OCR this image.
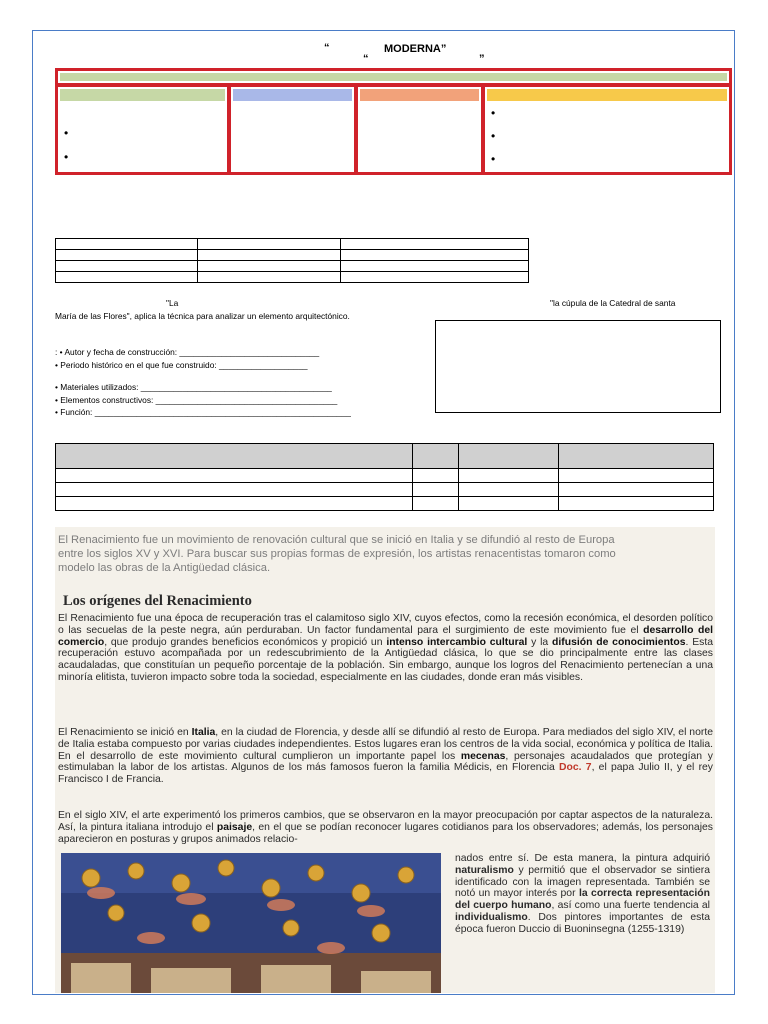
“	MODERNA”
“	”
•
•
•
•
•

"La	"la cúpula de la Catedral de santa
María de las Flores", aplica la técnica para analizar un elemento arquitectónico.
: • Autor y fecha de construcción: ______________________________
• Periodo histórico en el que fue construido: ___________________
• Materiales utilizados: _________________________________________
• Elementos constructivos: _______________________________________
• Función: _______________________________________________________

El Renacimiento fue un movimiento de renovación cultural que se inició en Italia y se difundió al resto de Europa entre los siglos XV y XVI. Para buscar sus propias formas de expresión, los artistas renacentistas tomaron como modelo las obras de la Antigüedad clásica.
Los orígenes del Renacimiento
El Renacimiento fue una época de recuperación tras el calamitoso siglo XIV, cuyos efectos, como la recesión económica, el desorden político o las secuelas de la peste negra, aún perduraban. Un factor fundamental para el surgimiento de este movimiento fue el desarrollo del comercio, que produjo grandes beneficios económicos y propició un intenso intercambio cultural y la difusión de conocimientos. Esta recuperación estuvo acompañada por un redescubrimiento de la Antigüedad clásica, lo que se dio principalmente entre las clases acaudaladas, que constituían un pequeño porcentaje de la población. Sin embargo, aunque los logros del Renacimiento pertenecían a una minoría elitista, tuvieron impacto sobre toda la sociedad, especialmente en las ciudades, donde eran más visibles.
El Renacimiento se inició en Italia, en la ciudad de Florencia, y desde allí se difundió al resto de Europa. Para mediados del siglo XIV, el norte de Italia estaba compuesto por varias ciudades independientes. Estos lugares eran los centros de la vida social, económica y política de Italia. En el desarrollo de este movimiento cultural cumplieron un importante papel los mecenas, personajes acaudalados que protegían y estimulaban la labor de los artistas. Algunos de los más famosos fueron la familia Médicis, en Florencia Doc. 7, el papa Julio II, y el rey Francisco I de Francia.
En el siglo XIV, el arte experimentó los primeros cambios, que se observaron en la mayor preocupación por captar aspectos de la naturaleza. Así, la pintura italiana introdujo el paisaje, en el que se podían reconocer lugares cotidianos para los observadores; además, los personajes aparecieron en posturas y grupos animados relacio-
nados entre sí. De esta manera, la pintura adquirió naturalismo y permitió que el observador se sintiera identificado con la imagen representada. También se notó un mayor interés por la correcta representación del cuerpo humano, así como una fuerte tendencia al individualismo. Dos pintores importantes de esta época fueron Duccio di Buoninsegna (1255-1319)
